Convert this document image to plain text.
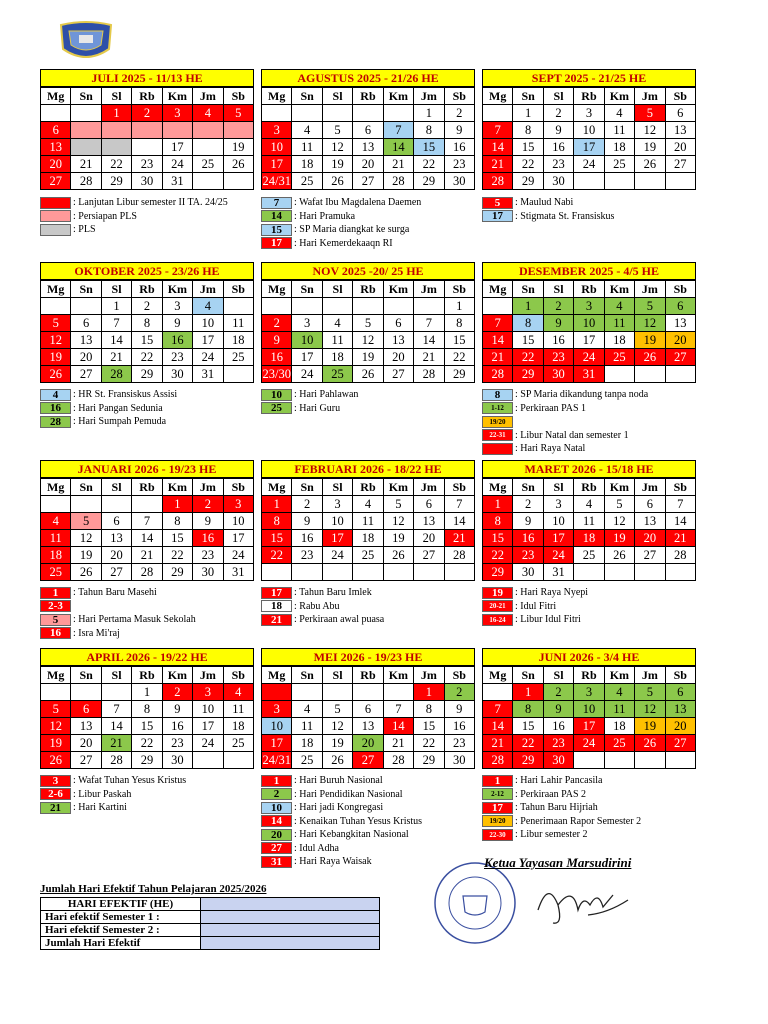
JULI 2025 - 11/13 HE
Mg	Sn	Sl	Rb	Km	Jm	Sb
		1	2	3	4	5
6						
13				17		19
20	21	22	23	24	25	26
27	28	29	30	31		
AGUSTUS 2025 - 21/26 HE
Mg	Sn	Sl	Rb	Km	Jm	Sb
					1	2
3	4	5	6	7	8	9
10	11	12	13	14	15	16
17	18	19	20	21	22	23
24/31	25	26	27	28	29	30
SEPT 2025 - 21/25 HE
Mg	Sn	Sl	Rb	Km	Jm	Sb
	1	2	3	4	5	6
7	8	9	10	11	12	13
14	15	16	17	18	19	20
21	22	23	24	25	26	27
28	29	30				
OKTOBER 2025 - 23/26 HE
Mg	Sn	Sl	Rb	Km	Jm	Sb
		1	2	3	4	
5	6	7	8	9	10	11
12	13	14	15	16	17	18
19	20	21	22	23	24	25
26	27	28	29	30	31	
NOV 2025 -20/ 25 HE
Mg	Sn	Sl	Rb	Km	Jm	Sb
						1
2	3	4	5	6	7	8
9	10	11	12	13	14	15
16	17	18	19	20	21	22
23/30	24	25	26	27	28	29
DESEMBER 2025 - 4/5 HE
Mg	Sn	Sl	Rb	Km	Jm	Sb
	1	2	3	4	5	6
7	8	9	10	11	12	13
14	15	16	17	18	19	20
21	22	23	24	25	26	27
28	29	30	31			
JANUARI 2026 - 19/23 HE
Mg	Sn	Sl	Rb	Km	Jm	Sb
				1	2	3
4	5	6	7	8	9	10
11	12	13	14	15	16	17
18	19	20	21	22	23	24
25	26	27	28	29	30	31
FEBRUARI 2026 - 18/22 HE
Mg	Sn	Sl	Rb	Km	Jm	Sb
1	2	3	4	5	6	7
8	9	10	11	12	13	14
15	16	17	18	19	20	21
22	23	24	25	26	27	28

MARET 2026 - 15/18 HE
Mg	Sn	Sl	Rb	Km	Jm	Sb
1	2	3	4	5	6	7
8	9	10	11	12	13	14
15	16	17	18	19	20	21
22	23	24	25	26	27	28
29	30	31				
APRIL 2026 - 19/22 HE
Mg	Sn	Sl	Rb	Km	Jm	Sb
			1	2	3	4
5	6	7	8	9	10	11
12	13	14	15	16	17	18
19	20	21	22	23	24	25
26	27	28	29	30		
MEI 2026 - 19/23 HE
Mg	Sn	Sl	Rb	Km	Jm	Sb
					1	2
3	4	5	6	7	8	9
10	11	12	13	14	15	16
17	18	19	20	21	22	23
24/31	25	26	27	28	29	30
JUNI 2026 - 3/4 HE
Mg	Sn	Sl	Rb	Km	Jm	Sb
	1	2	3	4	5	6
7	8	9	10	11	12	13
14	15	16	17	18	19	20
21	22	23	24	25	26	27
28	29	30				
: Lanjutan Libur semester II TA. 24/25
: Persiapan PLS
: PLS
7	: Wafat Ibu Magdalena Daemen
14	: Hari Pramuka
15	: SP Maria diangkat ke surga
17	: Hari Kemerdekaaqn RI
5	: Maulud Nabi
17	: Stigmata St. Fransiskus
4	: HR St. Fransiskus Assisi
16	: Hari Pangan Sedunia
28	: Hari Sumpah Pemuda
10	: Hari Pahlawan
25	: Hari Guru
8	: SP Maria dikandung tanpa noda
1-12	: Perkiraan PAS 1
19/20
22-31 : Libur Natal dan semester 1
: Hari Raya Natal
1	: Tahun Baru Masehi
2-3
5	: Hari Pertama Masuk Sekolah
16	: Isra Mi'raj
17	: Tahun Baru Imlek
18	: Rabu Abu
21	: Perkiraan awal puasa
19	: Hari Raya Nyepi
20-21 : Idul Fitri
16-24 : Libur Idul Fitri
3	: Wafat Tuhan Yesus Kristus
2-6	: Libur Paskah
21	: Hari Kartini
1	: Hari Buruh Nasional
2	: Hari Pendidikan Nasional
10	: Hari jadi Kongregasi
14	: Kenaikan Tuhan Yesus Kristus
20	: Hari Kebangkitan Nasional
27	: Idul Adha
31	: Hari Raya Waisak
1	: Hari Lahir Pancasila
2-12	: Perkiraan PAS 2
17	: Tahun Baru Hijriah
19/20 : Penerimaan Rapor Semester 2
22-30 : Libur semester 2
Jumlah Hari Efektif Tahun Pelajaran 2025/2026
HARI EFEKTIF (HE)	
Hari efektif Semester 1 :	
Hari efektif Semester 2 :	
Jumlah Hari Efektif	
Ketua Yayasan Marsudirini
